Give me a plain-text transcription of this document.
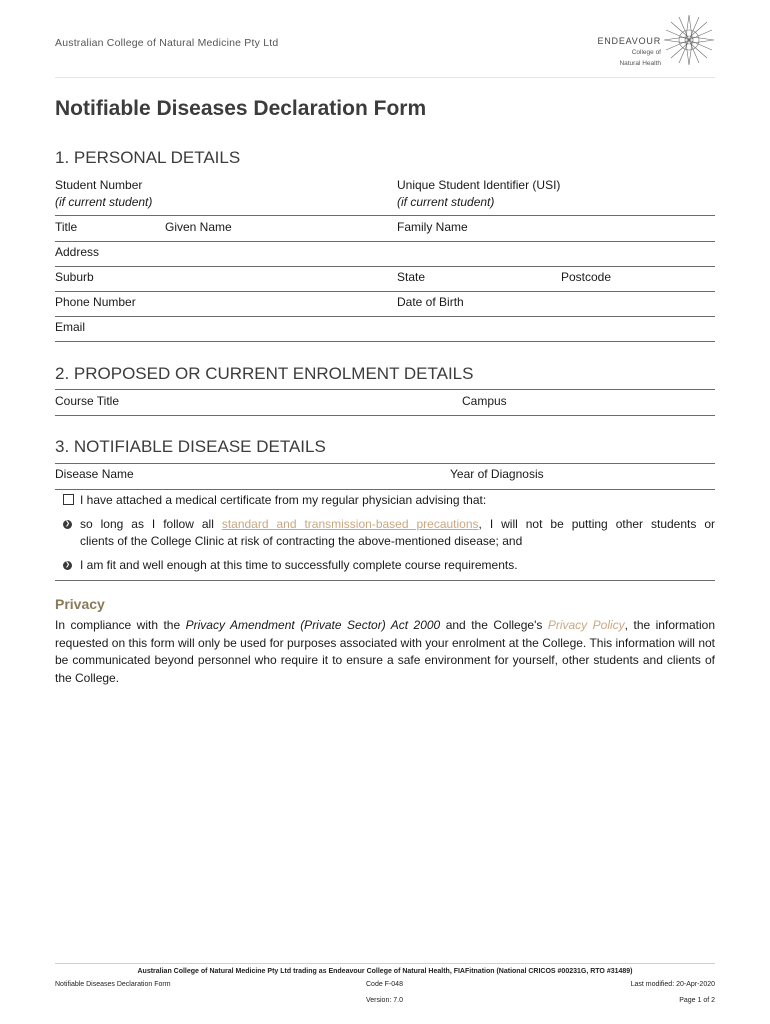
Australian College of Natural Medicine Pty Ltd	ENDEAVOUR
College of
Natural Health
Notifiable Diseases Declaration Form
1. PERSONAL DETAILS
Student Number
(if current student)
Unique Student Identifier (USI)
(if current student)
Title	Given Name	Family Name
Address
Suburb	State	Postcode
Phone Number	Date of Birth
Email
2. PROPOSED OR CURRENT ENROLMENT DETAILS
Course Title	Campus
3. NOTIFIABLE DISEASE DETAILS
Disease Name	Year of Diagnosis
I have attached a medical certificate from my regular physician advising that:
❯ so long as I follow all standard and transmission-based precautions, I will not be putting other students or
clients of the College Clinic at risk of contracting the above-mentioned disease; and
❯ I am fit and well enough at this time to successfully complete course requirements.
Privacy
In compliance with the Privacy Amendment (Private Sector) Act 2000 and the College's Privacy Policy, the information requested on this form will only be used for purposes associated with your enrolment at the College. This information will not be communicated beyond personnel who require it to ensure a safe environment for yourself, other students and clients of the College.
Australian College of Natural Medicine Pty Ltd trading as Endeavour College of Natural Health, FIAFitnation (National CRICOS #00231G, RTO #31489)
Notifiable Diseases Declaration Form	Code F-048	Last modified: 20-Apr-2020
Version: 7.0	Page 1 of 2
